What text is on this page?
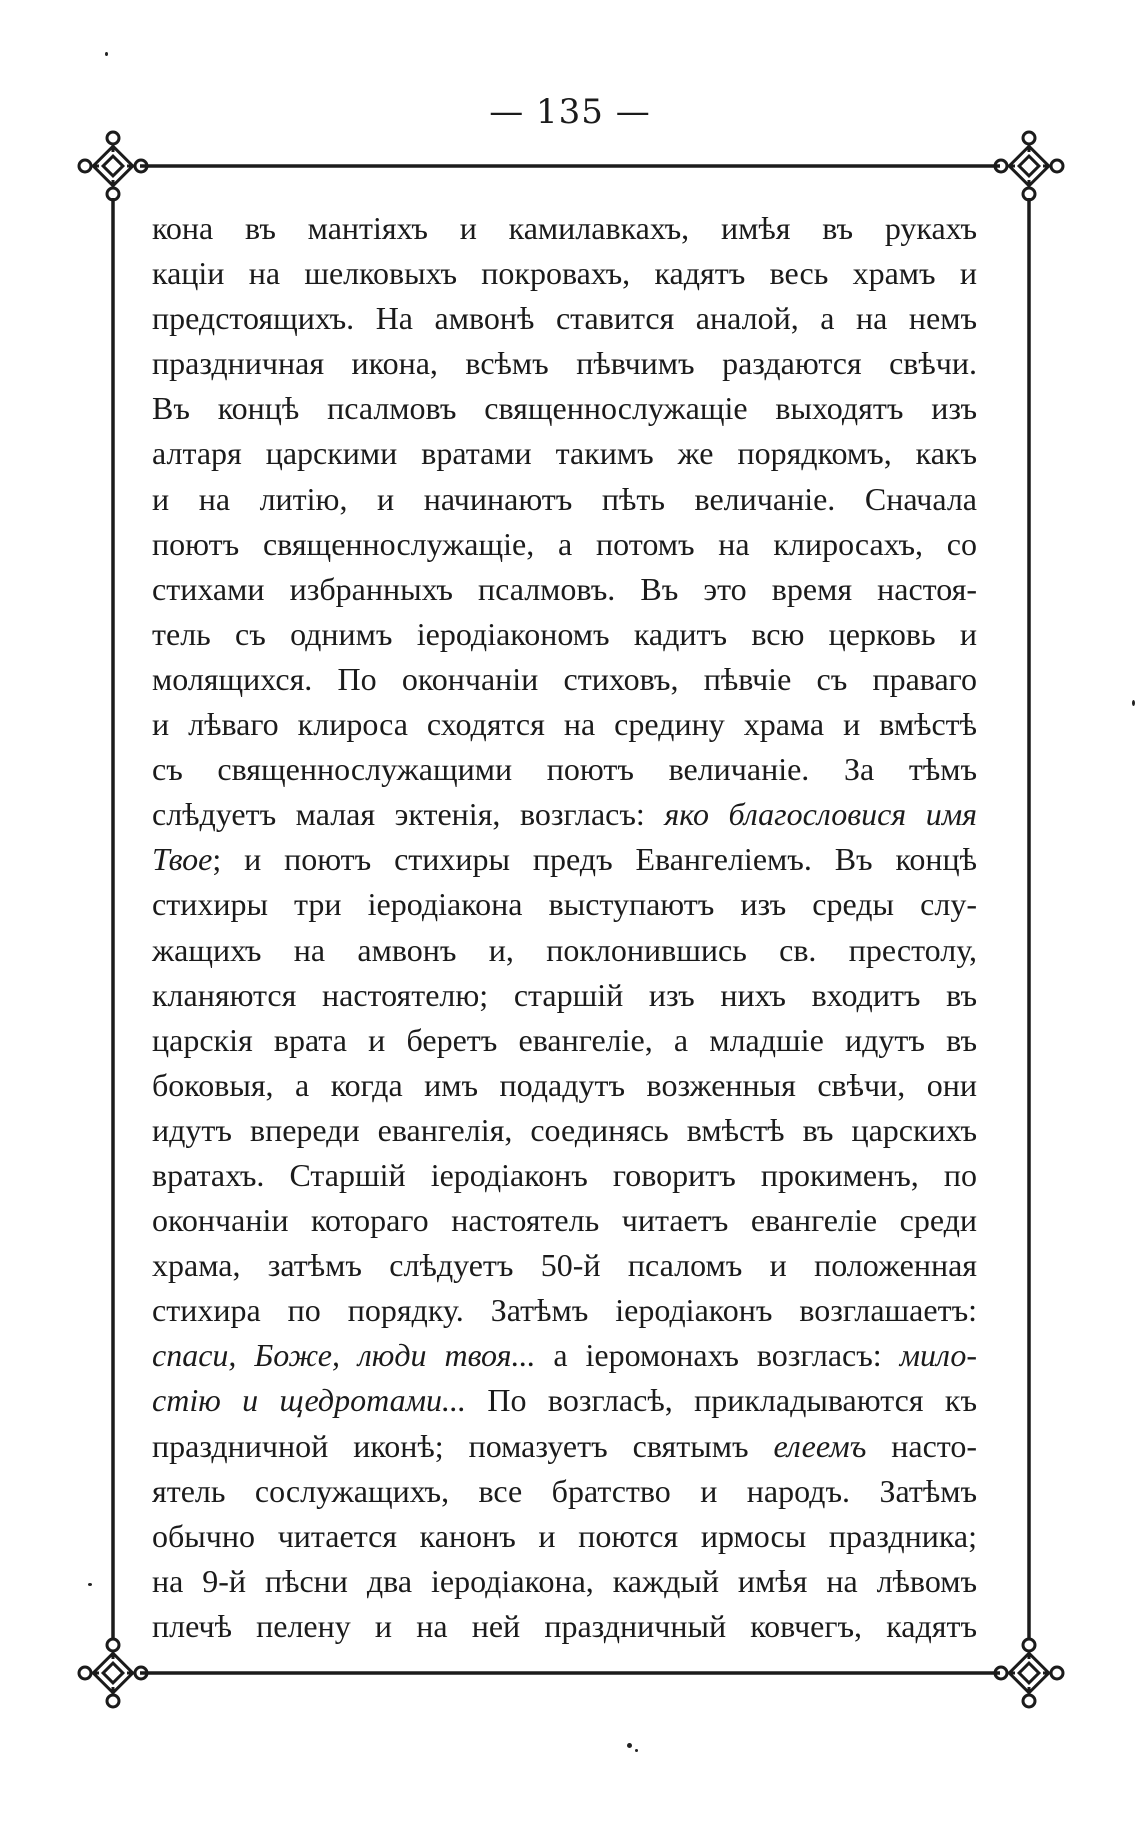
— 135 —
кона въ мантіяхъ и камилавкахъ, имѣя въ рукахъ
каціи на шелковыхъ покровахъ, кадятъ весь храмъ и
предстоящихъ. На амвонѣ ставится аналой, а на немъ
праздничная икона, всѣмъ пѣвчимъ раздаются свѣчи.
Въ концѣ псалмовъ священнослужащіе выходятъ изъ
алтаря царскими вратами такимъ же порядкомъ, какъ
и на литію, и начинаютъ пѣть величаніе. Сначала
поютъ священнослужащіе, а потомъ на клиросахъ, со
стихами избранныхъ псалмовъ. Въ это время настоя-
тель съ однимъ іеродіакономъ кадитъ всю церковь и
молящихся. По окончаніи стиховъ, пѣвчіе съ праваго
и лѣваго клироса сходятся на средину храма и вмѣстѣ
съ священнослужащими поютъ величаніе. За тѣмъ
слѣдуетъ малая эктенія, возгласъ: яко благословися имя
Твое; и поютъ стихиры предъ Евангеліемъ. Въ концѣ
стихиры три іеродіакона выступаютъ изъ среды слу-
жащихъ на амвонъ и, поклонившись св. престолу,
кланяются настоятелю; старшій изъ нихъ входитъ въ
царскія врата и беретъ евангеліе, а младшіе идутъ въ
боковыя, а когда имъ подадутъ возженныя свѣчи, они
идутъ впереди евангелія, соединясь вмѣстѣ въ царскихъ
вратахъ. Старшій іеродіаконъ говоритъ прокименъ, по
окончаніи котораго настоятель читаетъ евангеліе среди
храма, затѣмъ слѣдуетъ 50-й псаломъ и положенная
стихира по порядку. Затѣмъ іеродіаконъ возглашаетъ:
спаси, Боже, люди твоя... а іеромонахъ возгласъ: мило-
стію и щедротами... По возгласѣ, прикладываются къ
праздничной иконѣ; помазуетъ святымъ елеемъ насто-
ятель сослужащихъ, все братство и народъ. Затѣмъ
обычно читается канонъ и поются ирмосы праздника;
на 9-й пѣсни два іеродіакона, каждый имѣя на лѣвомъ
плечѣ пелену и на ней праздничный ковчегъ, кадятъ
